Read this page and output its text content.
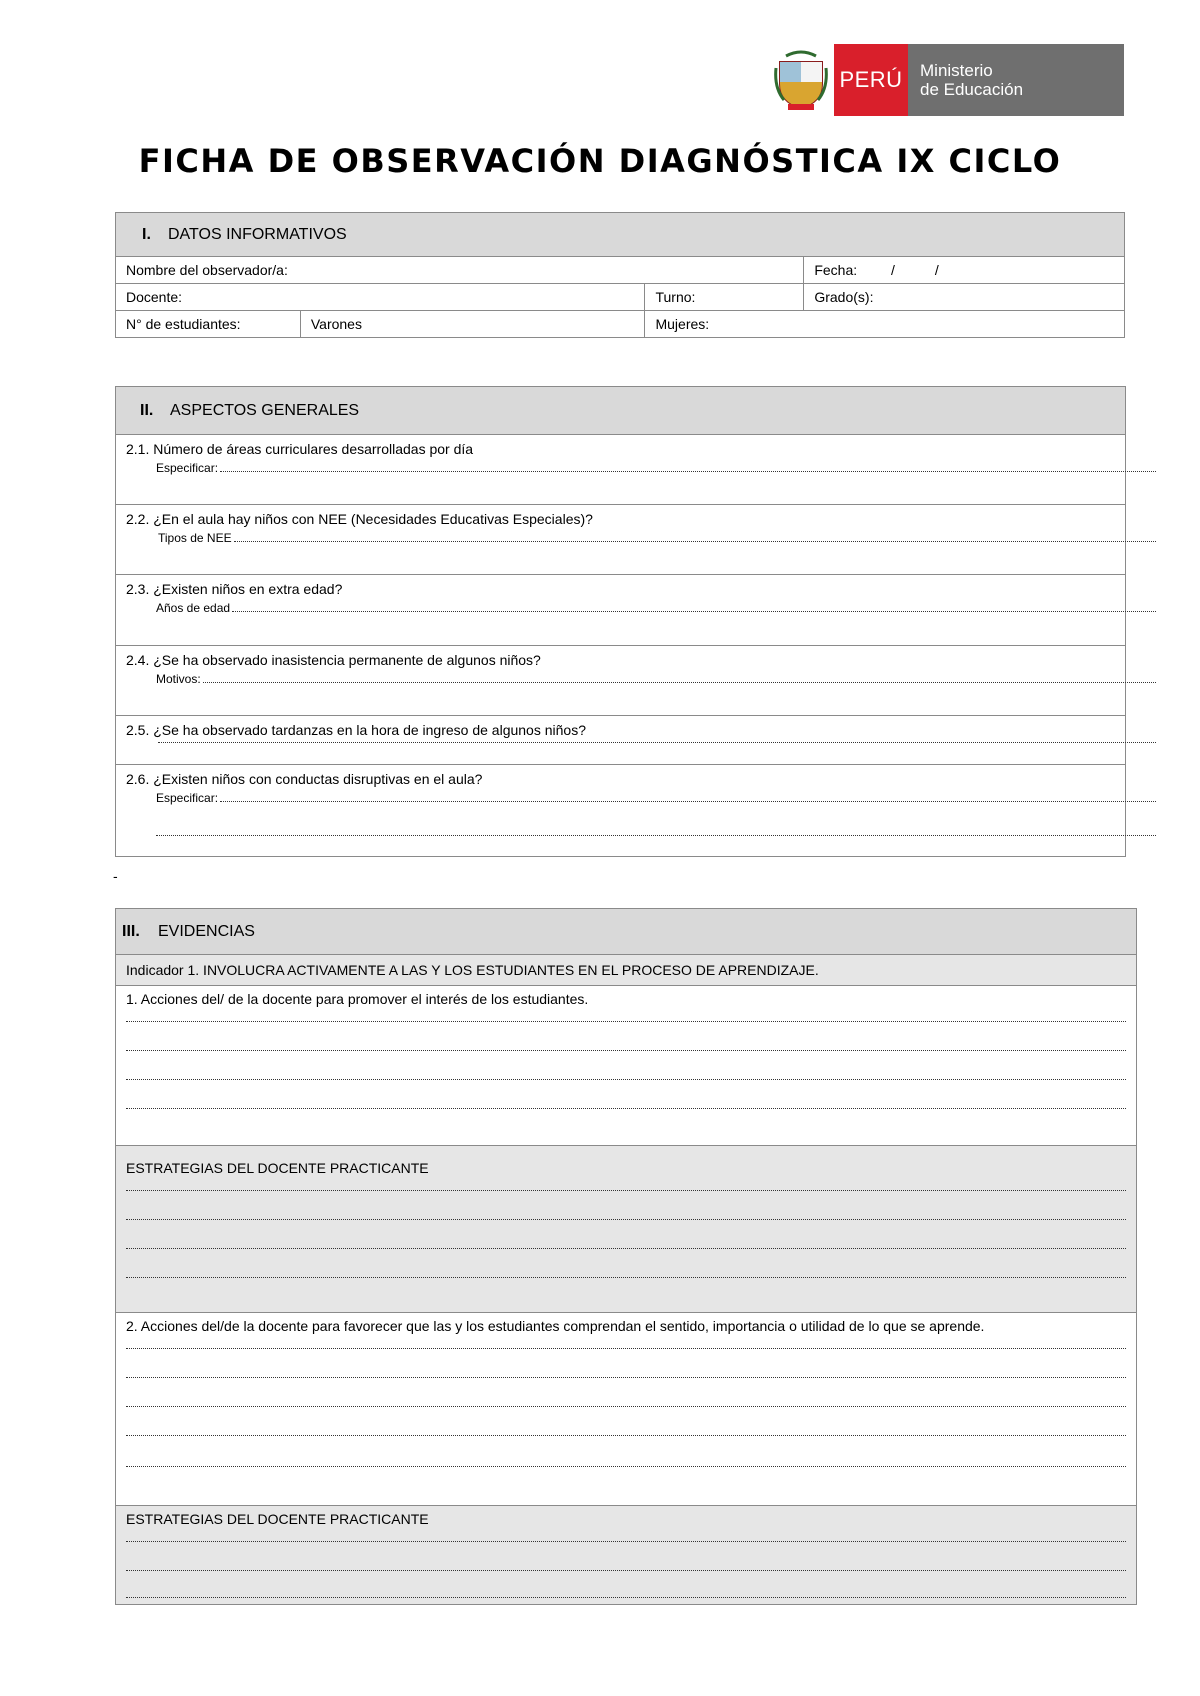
PERÚ	Ministerio
de Educación
FICHA DE OBSERVACIÓN DIAGNÓSTICA IX CICLO
I. DATOS INFORMATIVOS			
Nombre del observador/a:			Fecha: / /
Docente:		Turno:	Grado(s):
N° de estudiantes:	Varones	Mujeres:	
II.	ASPECTOS GENERALES
2.1. Número de áreas curriculares desarrolladas por día
Especificar:
2.2. ¿En el aula hay niños con NEE (Necesidades Educativas Especiales)?
Tipos de NEE
2.3. ¿Existen niños en extra edad?
Años de edad
2.4. ¿Se ha observado inasistencia permanente de algunos niños?
Motivos:
2.5. ¿Se ha observado tardanzas en la hora de ingreso de algunos niños?
2.6. ¿Existen niños con conductas disruptivas en el aula?
Especificar:
-
III.	EVIDENCIAS
Indicador 1. INVOLUCRA ACTIVAMENTE A LAS Y LOS ESTUDIANTES EN EL PROCESO DE APRENDIZAJE.
1. Acciones del/ de la docente para promover el interés de los estudiantes.
ESTRATEGIAS DEL DOCENTE PRACTICANTE
2. Acciones del/de la docente para favorecer que las y los estudiantes comprendan el sentido, importancia o utilidad de lo que se aprende.
ESTRATEGIAS DEL DOCENTE PRACTICANTE
